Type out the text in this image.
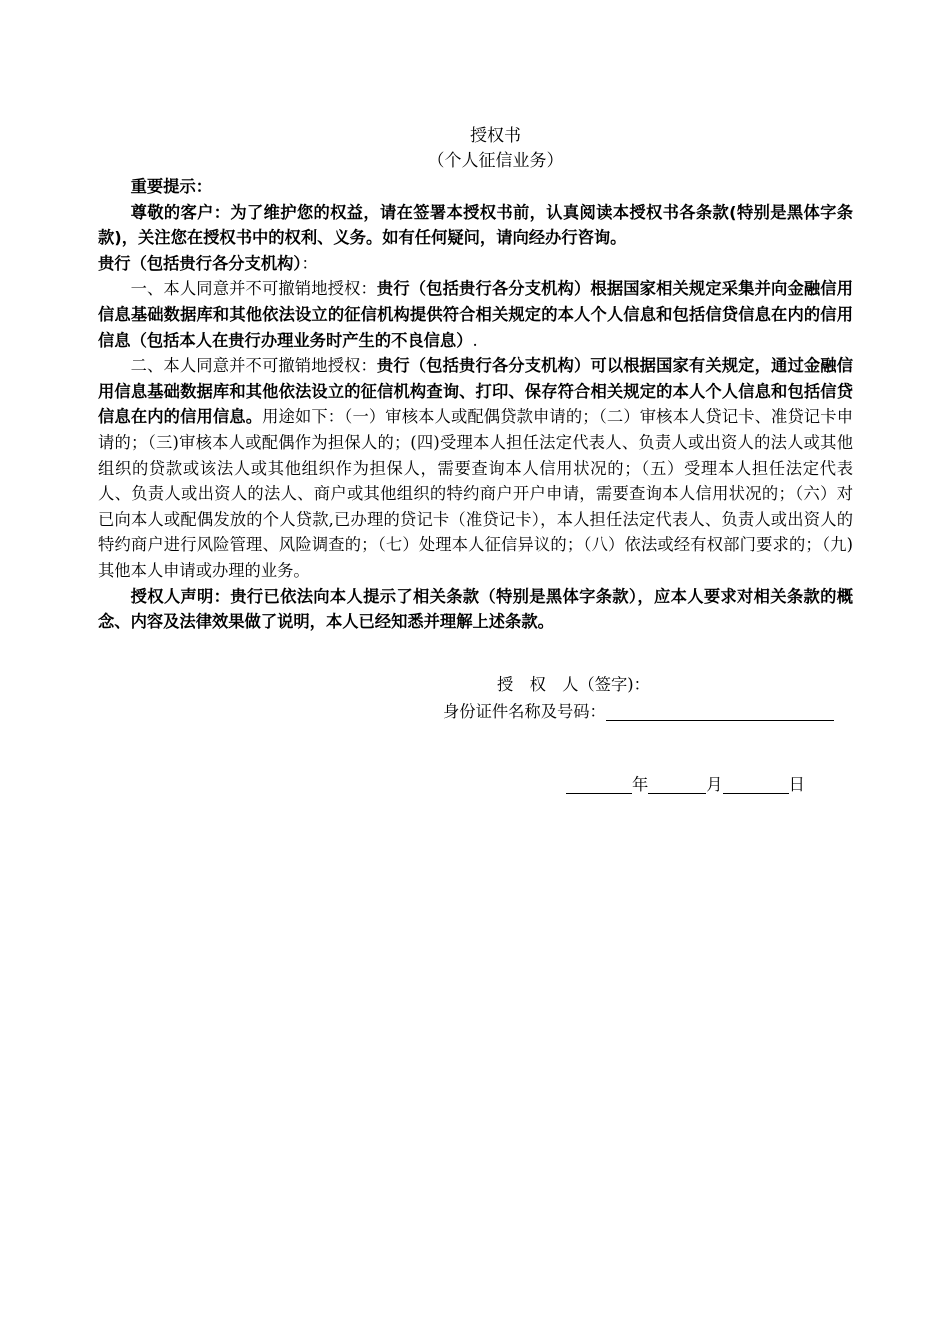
授权书
（个人征信业务）

重要提示：

尊敬的客户：为了维护您的权益，请在签署本授权书前，认真阅读本授权书各条款(特别是黑体字条款)，关注您在授权书中的权利、义务。如有任何疑问，请向经办行咨询。

贵行（包括贵行各分支机构）：

一、本人同意并不可撤销地授权：贵行（包括贵行各分支机构）根据国家相关规定采集并向金融信用信息基础数据库和其他依法设立的征信机构提供符合相关规定的本人个人信息和包括信贷信息在内的信用信息（包括本人在贵行办理业务时产生的不良信息）.

二、本人同意并不可撤销地授权：贵行（包括贵行各分支机构）可以根据国家有关规定，通过金融信用信息基础数据库和其他依法设立的征信机构查询、打印、保存符合相关规定的本人个人信息和包括信贷信息在内的信用信息。用途如下：（一）审核本人或配偶贷款申请的；（二）审核本人贷记卡、准贷记卡申请的；（三)审核本人或配偶作为担保人的；(四)受理本人担任法定代表人、负责人或出资人的法人或其他组织的贷款或该法人或其他组织作为担保人，需要查询本人信用状况的；（五）受理本人担任法定代表人、负责人或出资人的法人、商户或其他组织的特约商户开户申请，需要查询本人信用状况的；（六）对已向本人或配偶发放的个人贷款,已办理的贷记卡（准贷记卡），本人担任法定代表人、负责人或出资人的特约商户进行风险管理、风险调查的；（七）处理本人征信异议的；（八）依法或经有权部门要求的；（九)其他本人申请或办理的业务。

授权人声明：贵行已依法向本人提示了相关条款（特别是黑体字条款），应本人要求对相关条款的概念、内容及法律效果做了说明，本人已经知悉并理解上述条款。

授　权　人（签字)：
身份证件名称及号码：
年	月	日
